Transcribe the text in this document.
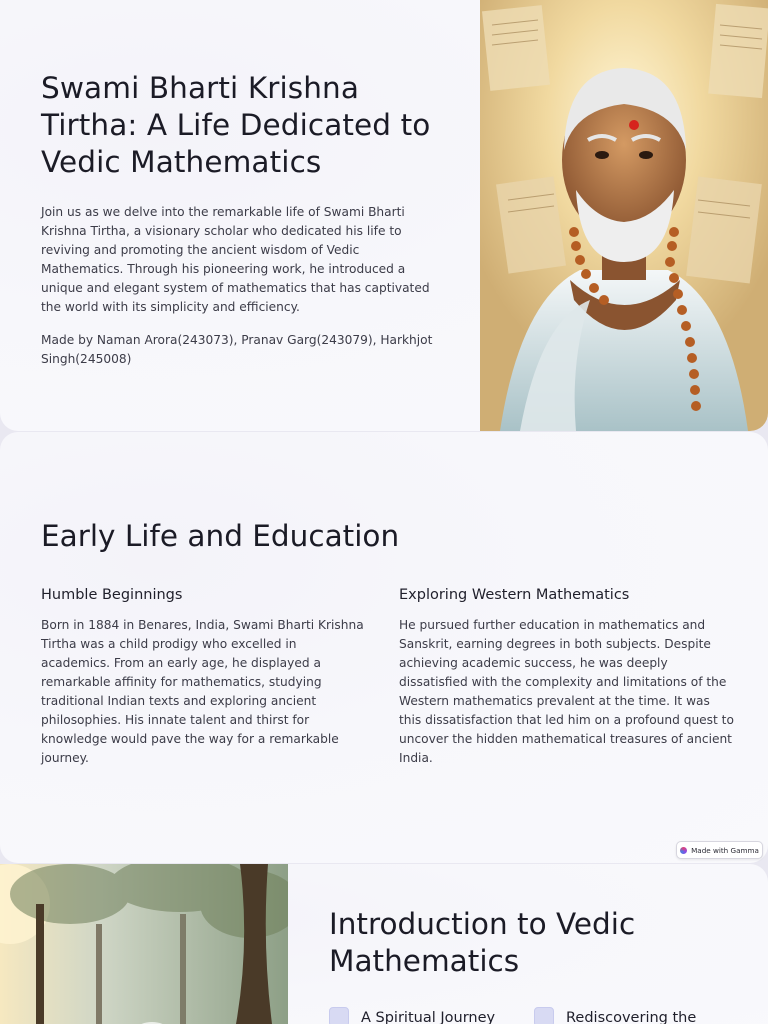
Swami Bharti Krishna Tirtha: A Life Dedicated to Vedic Mathematics

Join us as we delve into the remarkable life of Swami Bharti Krishna Tirtha, a visionary scholar who dedicated his life to reviving and promoting the ancient wisdom of Vedic Mathematics. Through his pioneering work, he introduced a unique and elegant system of mathematics that has captivated the world with its simplicity and efficiency.

Made by Naman Arora(243073), Pranav Garg(243079), Harkhjot Singh(245008)

Early Life and Education
Humble Beginnings

Born in 1884 in Benares, India, Swami Bharti Krishna Tirtha was a child prodigy who excelled in academics. From an early age, he displayed a remarkable affinity for mathematics, studying traditional Indian texts and exploring ancient philosophies. His innate talent and thirst for knowledge would pave the way for a remarkable journey.

Exploring Western Mathematics

He pursued further education in mathematics and Sanskrit, earning degrees in both subjects. Despite achieving academic success, he was deeply dissatisfied with the complexity and limitations of the Western mathematics prevalent at the time. It was this dissatisfaction that led him on a profound quest to uncover the hidden mathematical treasures of ancient India.

Made with Gamma
Introduction to Vedic Mathematics
A Spiritual Journey	Rediscovering the
